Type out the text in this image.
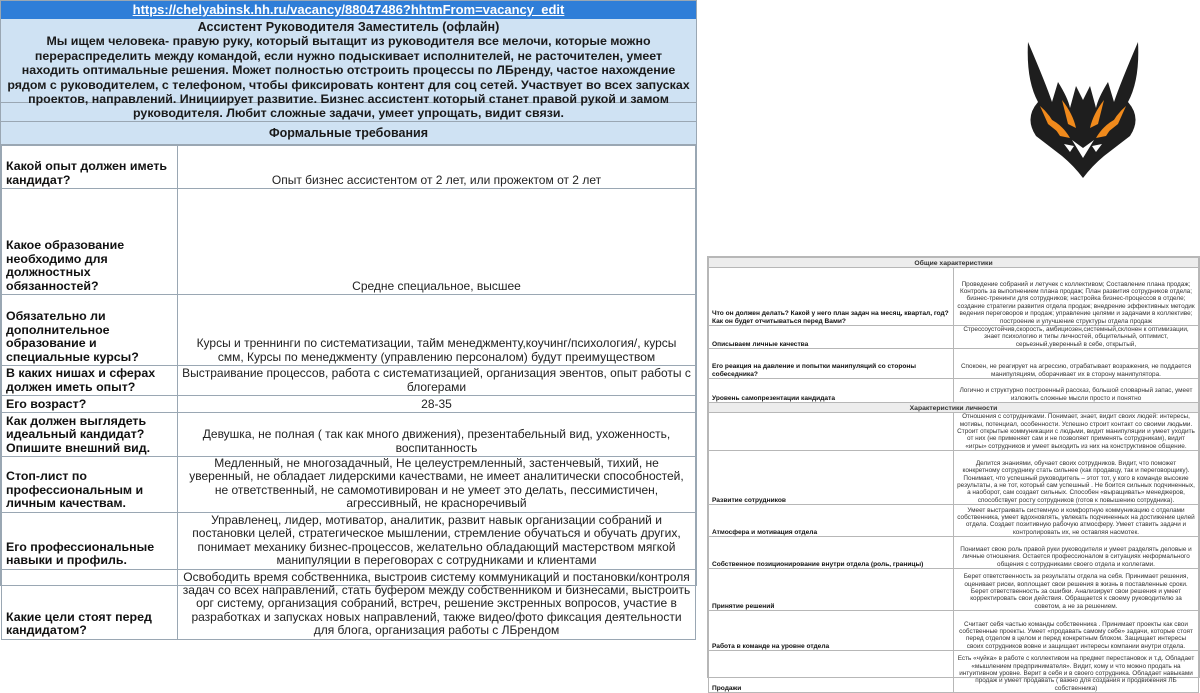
https://chelyabinsk.hh.ru/vacancy/88047486?hhtmFrom=vacancy_edit
Ассистент Руководителя Заместитель (офлайн)
Мы ищем человека- правую руку, который вытащит из руководителя все мелочи, которые можно перераспределить между командой, если нужно подыскивает исполнителей, не расточителен, умеет находить оптимальные решения. Может полностью отстроить процессы по ЛБренду, частое нахождение рядом с руководителем, с телефоном, чтобы фиксировать контент для соц сетей. Участвует во всех запусках проектов, направлений. Инициирует развитие. Бизнес ассистент который станет правой рукой и замом руководителя. Любит сложные задачи, умеет упрощать, видит связи.
Формальные требования
Какой опыт должен иметь кандидат?	Опыт бизнес ассистентом от 2 лет, или прожектом от 2 лет
Какое образование необходимо для должностных обязанностей?	Средне специальное, высшее
Обязательно ли дополнительное образование и специальные курсы?	Курсы и треннинги по систематизации, тайм менеджменту,коучинг/психология/, курсы смм, Курсы по менеджменту (управлению персоналом) будут преимуществом
В каких нишах и сферах должен иметь опыт?	Выстраивание процессов, работа с систематизацией, организация эвентов, опыт работы с блогерами
Его возраст?	28-35
Как должен выглядеть идеальный кандидат? Опишите внешний вид.	Девушка, не полная ( так как много движения), презентабельный вид, ухоженность, воспитанность
Стоп-лист по профессиональным и личным качествам.	Медленный, не многозадачный, Не целеустремленный, застенчевый, тихий, не уверенный, не обладает лидерскими качествами, не имеет аналитически способностей, не ответственный, не самомотивирован и не умеет это делать, пессимистичен, агрессивный, не красноречивый
Его профессиональные навыки и профиль.	Управленец, лидер, мотиватор, аналитик, развит навык организации собраний и постановки целей, стратегическое мышлении, стремление обучаться и обучать других, понимает механику бизнес-процессов, желательно обладающий мастерством мягкой манипуляции в переговорах с сотрудниками и клиентами
Какие цели стоят перед кандидатом?	Освободить время собственника, выстроив систему коммуникаций и постановки/контроля задач со всех направлений, стать буфером между собственником и бизнесами, выстроить орг систему, организация собраний, встреч, решение экстренных вопросов, участие в разработках и запусках новых направлений, также видео/фото фиксация деятельности для блога, организация работы с ЛБрендом
Общие характеристики	
Что он должен делать? Какой у него план задач на месяц, квартал, год? Как он будет отчитываться перед Вами?	Проведение собраний и летучек с коллективом; Составление плана продаж; Контроль за выполнением плана продаж; План развития сотрудников отдела; бизнес-тренинги для сотрудников; настройка бизнес-процессов в отделе; создание стратегии развития отдела продаж; внедрение эффективных методик ведения переговоров и продаж; управление целями и задачами в коллективе; построение и улучшение структуры отдела продаж
Описываем личные качества	Стрессоустойчив,скорость, амбициозен,системный,склонен к оптимизации, знает психологию и типы личностей, общительный, оптимист, серьезный,уверенный в себе, открытый,
Его реакция на давление и попытки манипуляций со стороны собеседника?	Спокоен, не реагирует на агрессию, отрабатывает возражения, не поддается манипуляциям, оборачивает их в сторону манипулятора.
Уровень самопрезентации кандидата	Логично и структурно построенный рассказ, большой словарный запас, умеет изложить сложные мысли просто и понятно
Характеристики личности	
	Отношения с сотрудниками. Понимает, знает, видит своих людей: интересы, мотивы, потенциал, особенности. Успешно строит контакт со своими людьми. Строит открытые коммуникации с людьми, видит манипуляции и умеет уходить от них (не применяет сам и не позволяет применять сотрудникам), видит «игры» сотрудников и умеет выходить из них на конструктивное общение.
Развитие сотрудников	Делится знаниями, обучает своих сотрудников. Видит, что поможет конкретному сотруднику стать сильнее (как продавцу, так и переговорщику). Понимает, что успешный руководитель – этот тот, у кого в команде высокие результаты, а не тот, который сам успешный . Не боится сильных подчиненных, а наоборот, сам создает сильных. Способен «выращивать» менеджеров, способствует росту сотрудников (готов к повышению сотрудника).
Атмосфера и мотивация отдела	Умеет выстраивать системную и комфортную коммуникацию с отделами собственника, умеет вдохновлять, увлекать подчиненных на достижение целей отдела. Создает позитивную рабочую атмосферу. Умеет ставить задачи и контролировать их, не оставляя насмотек.
Собственное позиционирование внутри отдела (роль, границы)	Понимает свою роль правой руки руководителя и умеет разделять деловые и личные отношения. Остается профессионалом в ситуациях неформального общения с сотрудниками своего отдела и коллегами.
Принятие решений	Берет ответственность за результаты отдела на себя. Принимает решения, оценивает риски, воплощает свои решения в жизнь в поставленные сроки. Берет ответственность за ошибки. Анализирует свои решения и умеет корректировать свои действия. Обращается к своему руководителю за советом, а не за решением.
Работа в команде на уровне отдела	Считает себя частью команды собственника . Принимает проекты как свои собственные проекты. Умеет «продавать самому себе» задачи, которые стоят перед отделом в целом и перед конкретным блоком. Защищает интересы своих сотрудников вовне и защищает интересы компании внутри отдела.
Продажи	Есть «чуйка» в работе с коллективом на предмет перестановок и т.д. Обладает «мышлением предпринимателя». Видит, кому и что можно продать на интуитивном уровне. Верит в себя и в своего сотрудника. Обладает навыками продаж и умеет продавать ( важно для создания и продвижения ЛБ собственника)
